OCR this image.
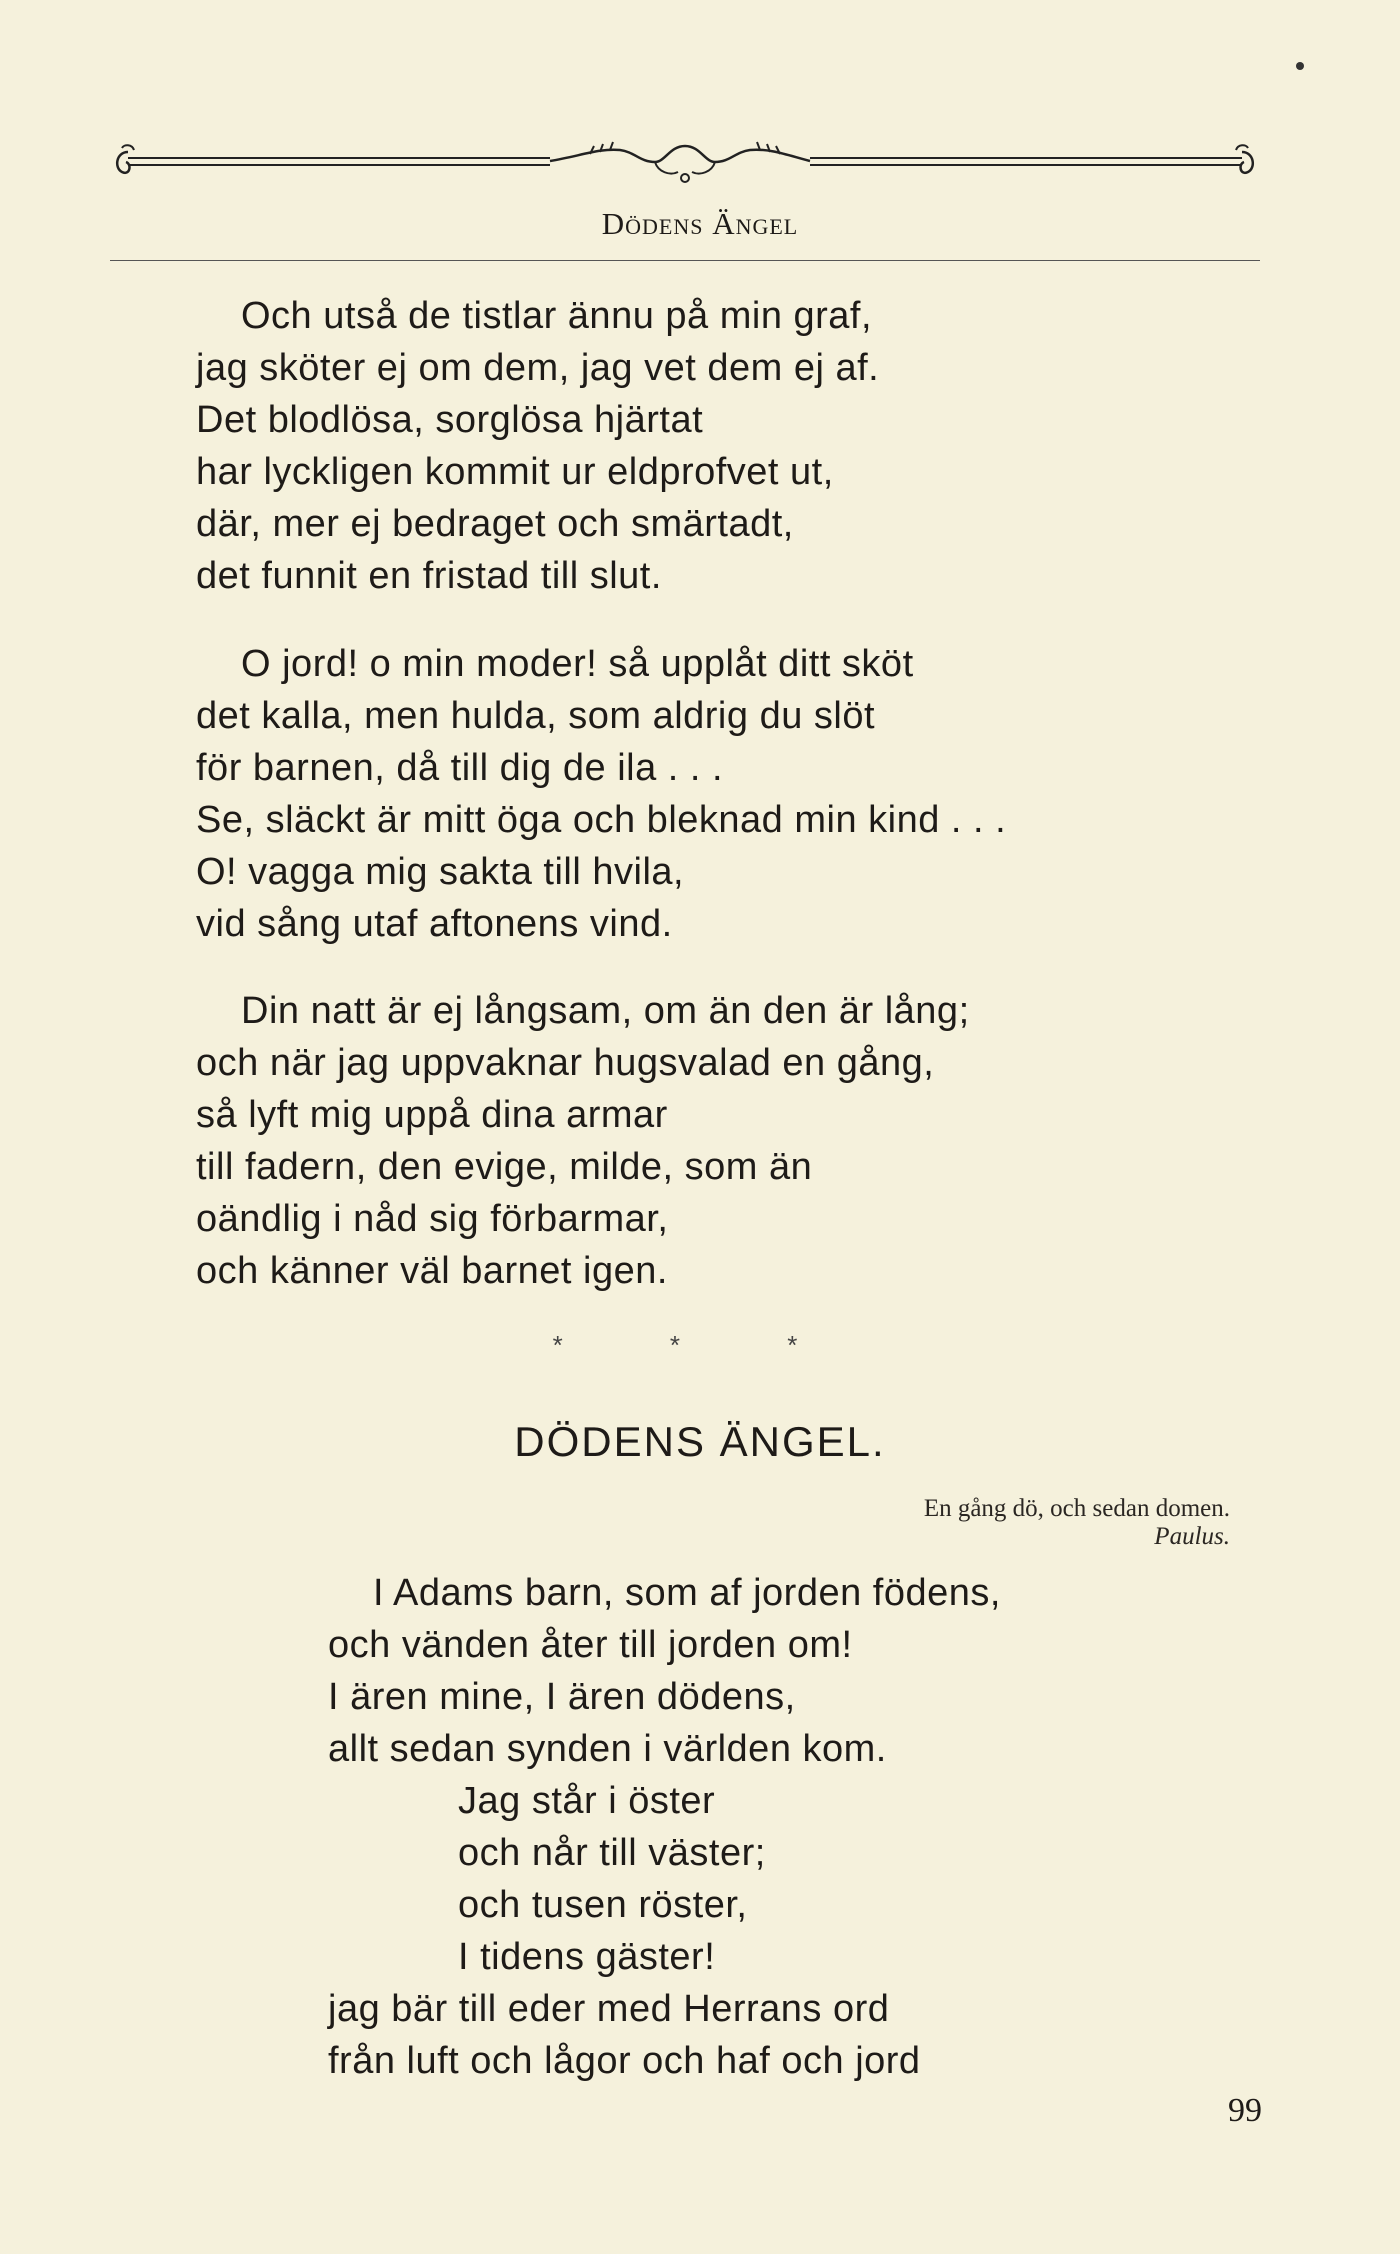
Dödens Ängel
Och utså de tistlar ännu på min graf,
jag sköter ej om dem, jag vet dem ej af.
Det blodlösa, sorglösa hjärtat
har lyckligen kommit ur eldprofvet ut,
där, mer ej bedraget och smärtadt,
det funnit en fristad till slut.
O jord! o min moder! så upplåt ditt sköt
det kalla, men hulda, som aldrig du slöt
för barnen, då till dig de ila . . .
Se, släckt är mitt öga och bleknad min kind . . .
O! vagga mig sakta till hvila,
vid sång utaf aftonens vind.
Din natt är ej långsam, om än den är lång;
och när jag uppvaknar hugsvalad en gång,
så lyft mig uppå dina armar
till fadern, den evige, milde, som än
oändlig i nåd sig förbarmar,
och känner väl barnet igen.
* * *
DÖDENS ÄNGEL.
En gång dö, och sedan domen.
Paulus.
I Adams barn, som af jorden födens,
och vänden åter till jorden om!
I ären mine, I ären dödens,
allt sedan synden i världen kom.
Jag står i öster
och når till väster;
och tusen röster,
I tidens gäster!
jag bär till eder med Herrans ord
från luft och lågor och haf och jord
99
